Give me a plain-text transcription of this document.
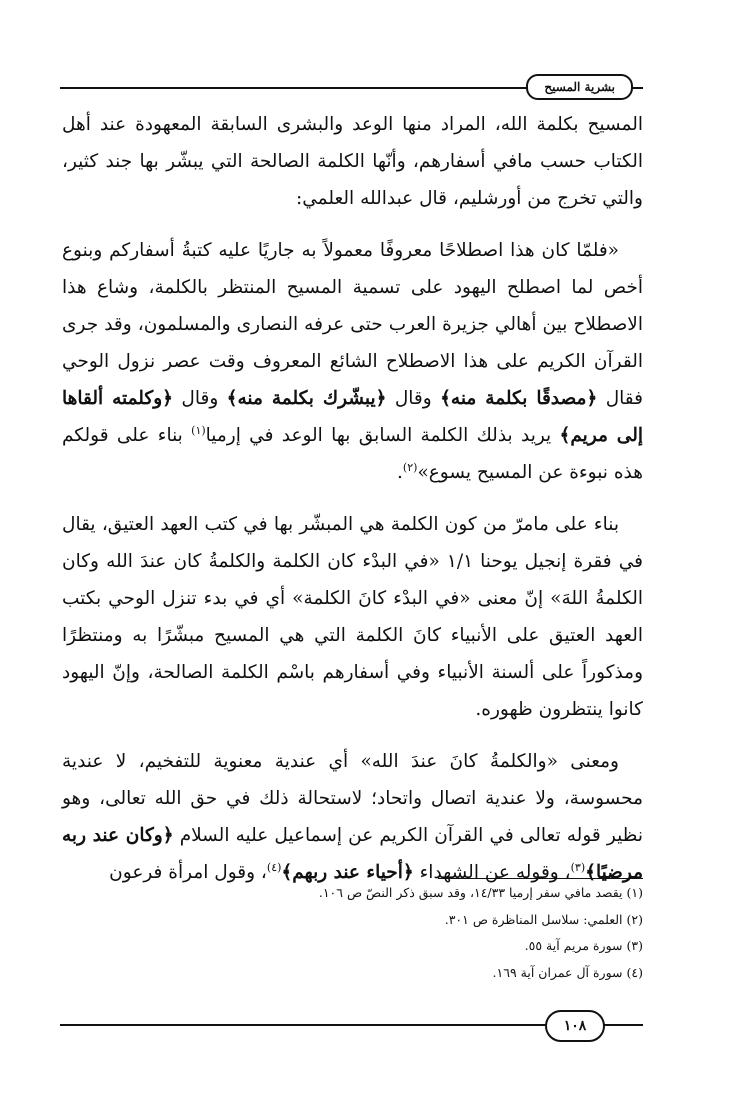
بشرية المسيح

المسيح بكلمة الله، المراد منها الوعد والبشرى السابقة المعهودة عند أهل الكتاب حسب مافي أسفارهم، وأنّها الكلمة الصالحة التي يبشّر بها جند كثير، والتي تخرج من أورشليم، قال عبدالله العلمي:

«فلمّا كان هذا اصطلاحًا معروفًا معمولاً به جاريًا عليه كتبةُ أسفاركم وبنوع أخص لما اصطلح اليهود على تسمية المسيح المنتظر بالكلمة، وشاع هذا الاصطلاح بين أهالي جزيرة العرب حتى عرفه النصارى والمسلمون، وقد جرى القرآن الكريم على هذا الاصطلاح الشائع المعروف وقت عصر نزول الوحي فقال ﴿مصدقًا بكلمة منه﴾ وقال ﴿يبشّرك بكلمة منه﴾ وقال ﴿وكلمته ألقاها إلى مريم﴾ يريد بذلك الكلمة السابق بها الوعد في إرميا$^{(١)}$ بناء على قولكم هذه نبوءة عن المسيح يسوع»$^{(٢)}$.

بناء على مامرّ من كون الكلمة هي المبشّر بها في كتب العهد العتيق، يقال في فقرة إنجيل يوحنا ١/١ «في البدْء كان الكلمة والكلمةُ كان عندَ الله وكان الكلمةُ اللهَ» إنّ معنى «في البدْء كانَ الكلمة» أي في بدء تنزل الوحي بكتب العهد العتيق على الأنبياء كانَ الكلمة التي هي المسيح مبشّرًا به ومنتظرًا ومذكوراً على ألسنة الأنبياء وفي أسفارهم باسْم الكلمة الصالحة، وإنّ اليهود كانوا ينتظرون ظهوره.

ومعنى «والكلمةُ كانَ عندَ الله» أي عندية معنوية للتفخيم، لا عندية محسوسة، ولا عندية اتصال واتحاد؛ لاستحالة ذلك في حق الله تعالى، وهو نظير قوله تعالى في القرآن الكريم عن إسماعيل عليه السلام ﴿وكان عند ربه مرضيًا﴾$^{(٣)}$، وقوله عن الشهداء ﴿أحياء عند ربهم﴾$^{(٤)}$، وقول امرأة فرعون

(١) يقصد مافي سفر إرميا ١٤/٣٣، وقد سبق ذكر النصّ ص ١٠٦.
(٢) العلمي: سلاسل المناظرة ص ٣٠١.
(٣) سورة مريم آية ٥٥.
(٤) سورة آل عمران آية ١٦٩.
١٠٨
